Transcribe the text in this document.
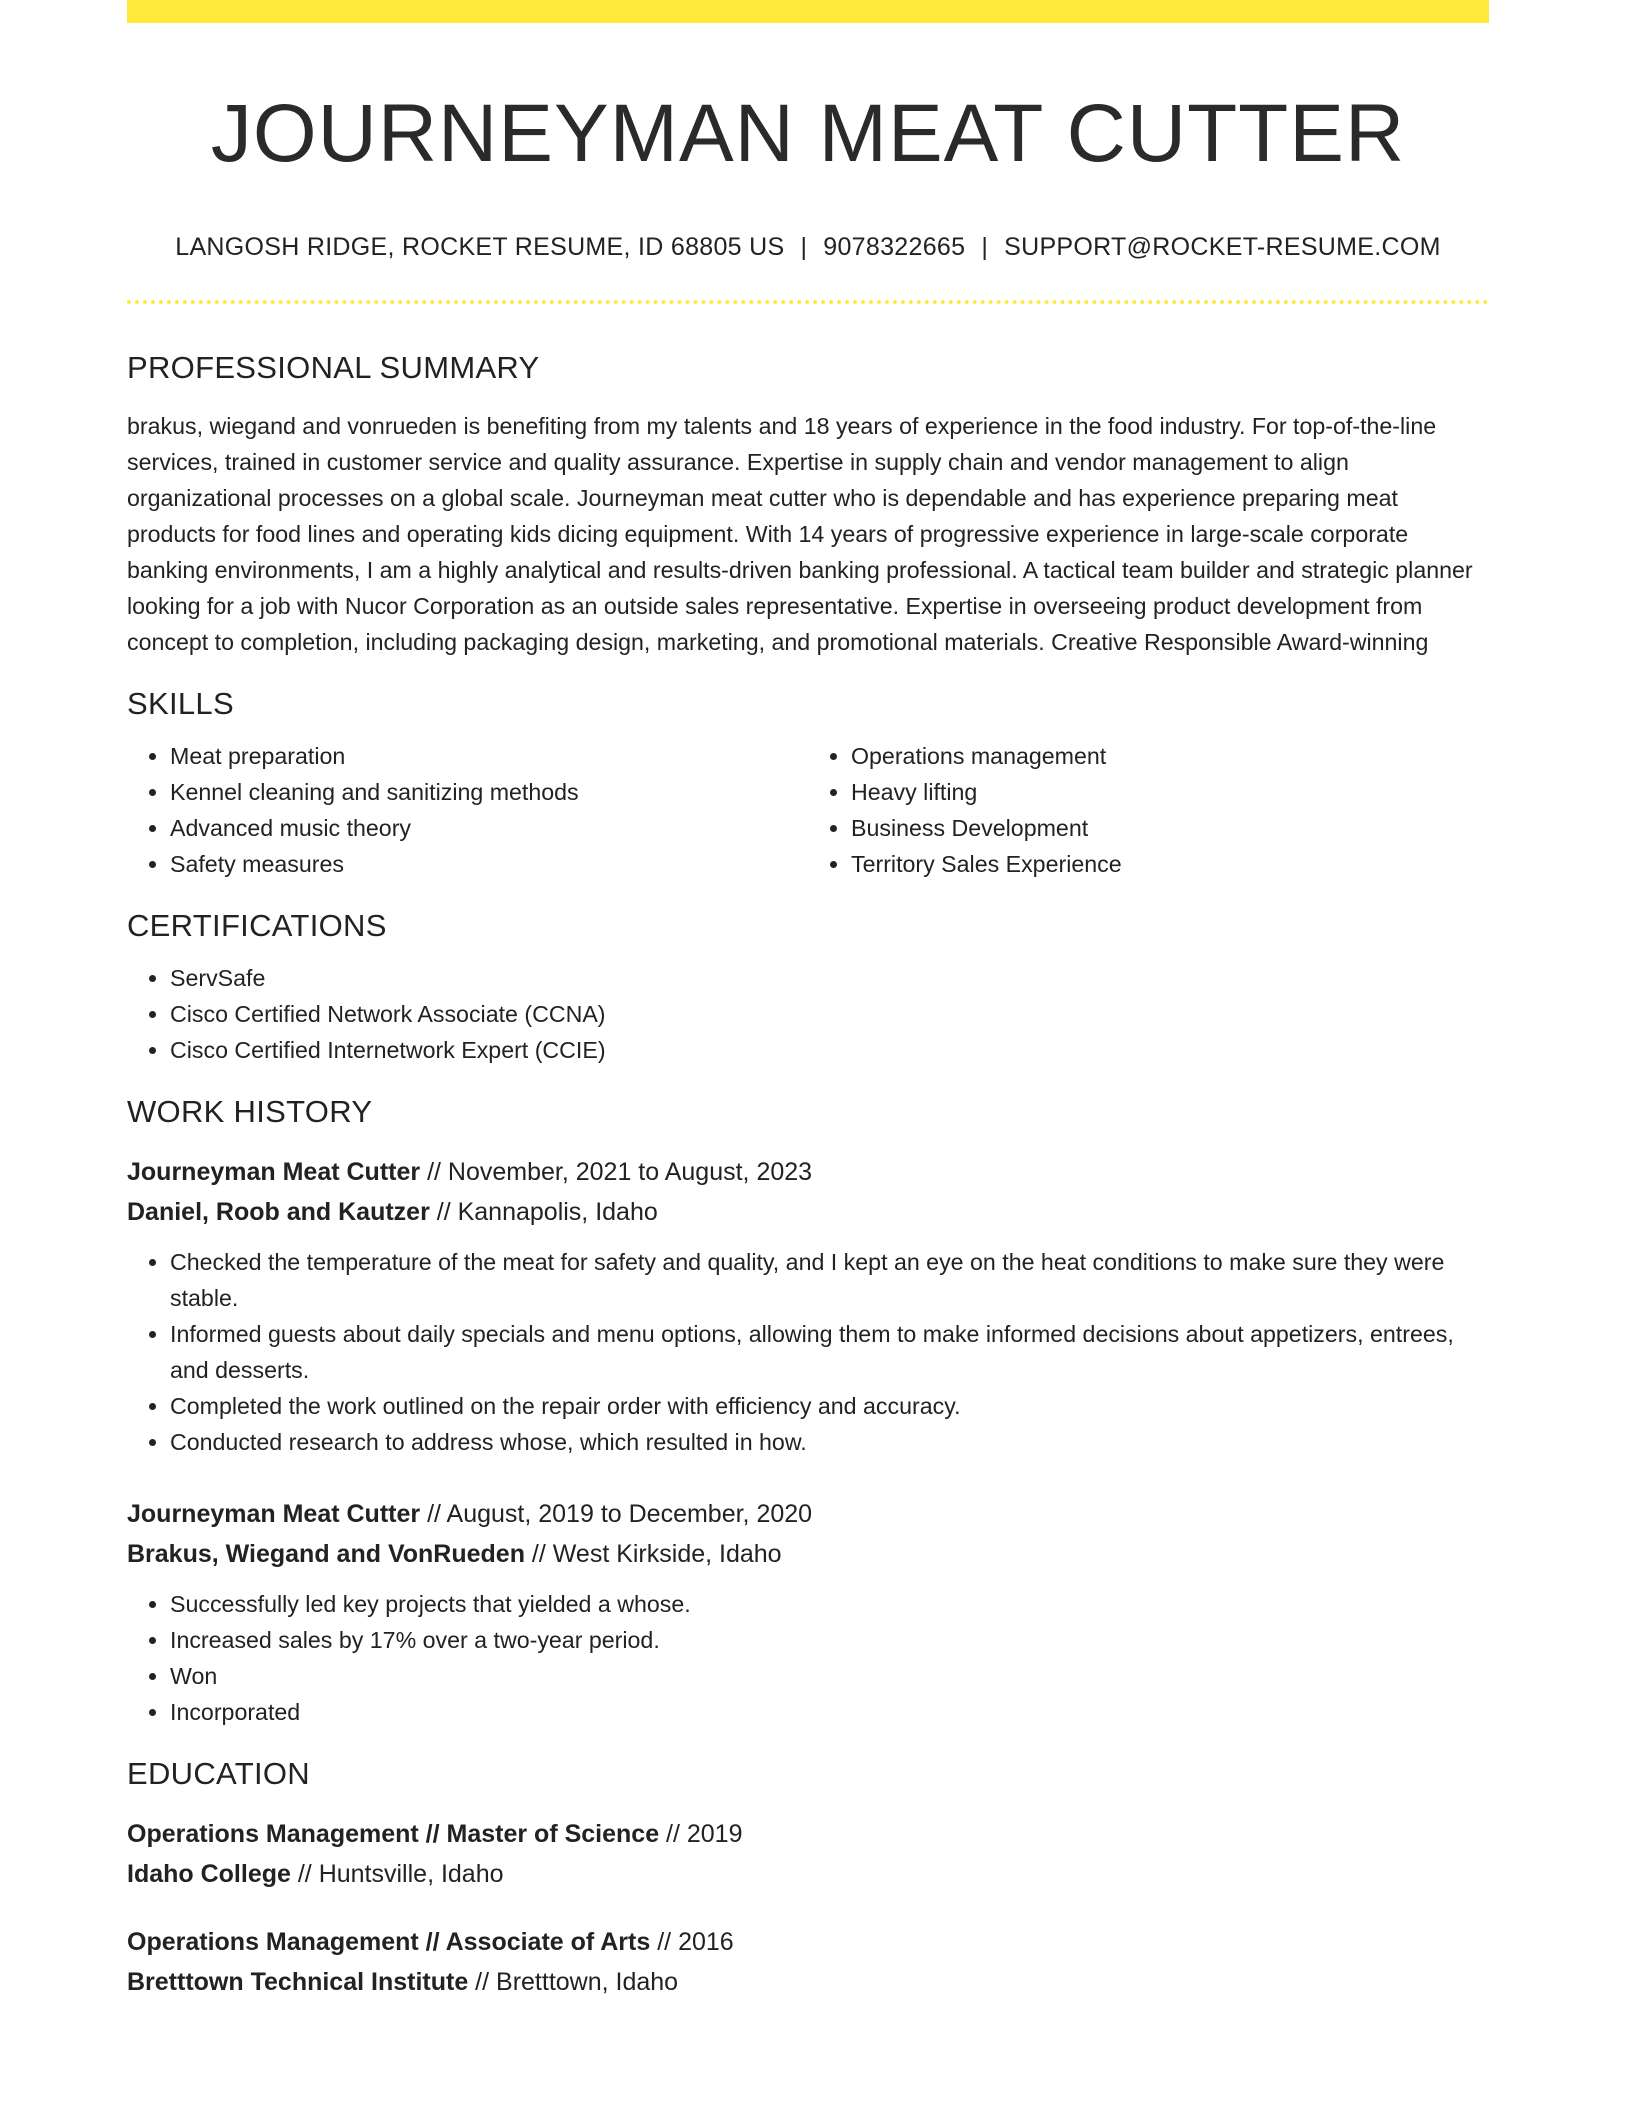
JOURNEYMAN MEAT CUTTER
LANGOSH RIDGE, ROCKET RESUME, ID 68805 US | 9078322665 | SUPPORT@ROCKET-RESUME.COM
PROFESSIONAL SUMMARY
brakus, wiegand and vonrueden is benefiting from my talents and 18 years of experience in the food industry. For top-of-the-line services, trained in customer service and quality assurance. Expertise in supply chain and vendor management to align organizational processes on a global scale. Journeyman meat cutter who is dependable and has experience preparing meat products for food lines and operating kids dicing equipment. With 14 years of progressive experience in large-scale corporate banking environments, I am a highly analytical and results-driven banking professional. A tactical team builder and strategic planner looking for a job with Nucor Corporation as an outside sales representative. Expertise in overseeing product development from concept to completion, including packaging design, marketing, and promotional materials. Creative Responsible Award-winning
SKILLS
• Meat preparation
• Kennel cleaning and sanitizing methods
• Advanced music theory
• Safety measures
• Operations management
• Heavy lifting
• Business Development
• Territory Sales Experience
CERTIFICATIONS
• ServSafe
• Cisco Certified Network Associate (CCNA)
• Cisco Certified Internetwork Expert (CCIE)
WORK HISTORY
Journeyman Meat Cutter // November, 2021 to August, 2023
Daniel, Roob and Kautzer // Kannapolis, Idaho
• Checked the temperature of the meat for safety and quality, and I kept an eye on the heat conditions to make sure they were stable.
• Informed guests about daily specials and menu options, allowing them to make informed decisions about appetizers, entrees, and desserts.
• Completed the work outlined on the repair order with efficiency and accuracy.
• Conducted research to address whose, which resulted in how.
Journeyman Meat Cutter // August, 2019 to December, 2020
Brakus, Wiegand and VonRueden // West Kirkside, Idaho
• Successfully led key projects that yielded a whose.
• Increased sales by 17% over a two-year period.
• Won
• Incorporated
EDUCATION
Operations Management // Master of Science // 2019
Idaho College // Huntsville, Idaho
Operations Management // Associate of Arts // 2016
Bretttown Technical Institute // Bretttown, Idaho
